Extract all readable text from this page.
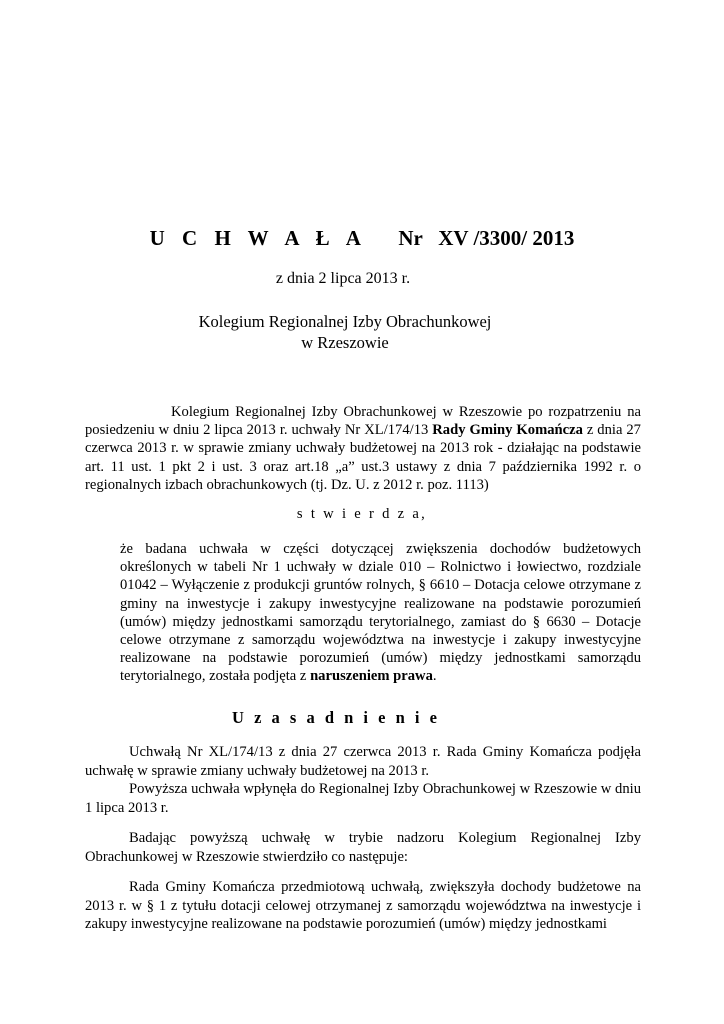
U C H W A Ł A Nr   XV /3300/ 2013
z dnia 2 lipca 2013 r.
Kolegium Regionalnej Izby Obrachunkowej
w Rzeszowie
Kolegium Regionalnej Izby Obrachunkowej w Rzeszowie po rozpatrzeniu na posiedzeniu w dniu 2 lipca 2013 r. uchwały Nr XL/174/13 Rady Gminy Komańcza z dnia 27 czerwca 2013 r. w sprawie zmiany uchwały budżetowej na 2013 rok - działając na podstawie art. 11 ust. 1 pkt 2 i ust. 3 oraz art.18 „a” ust.3 ustawy z dnia 7 października 1992 r. o regionalnych izbach obrachunkowych (tj. Dz. U. z 2012 r. poz. 1113)
s t w i e r d z a,
że badana uchwała w części dotyczącej zwiększenia dochodów budżetowych określonych w tabeli Nr 1 uchwały w dziale 010 – Rolnictwo i łowiectwo, rozdziale 01042 – Wyłączenie z produkcji gruntów rolnych, § 6610 – Dotacja celowe otrzymane z gminy na inwestycje i zakupy inwestycyjne realizowane na podstawie porozumień (umów) między jednostkami samorządu terytorialnego, zamiast do § 6630 – Dotacje celowe otrzymane z samorządu województwa na inwestycje i zakupy inwestycyjne realizowane na podstawie porozumień (umów) między jednostkami samorządu terytorialnego, została podjęta z naruszeniem prawa.
U z a s a d n i e n i e
Uchwałą Nr XL/174/13 z dnia 27 czerwca 2013 r. Rada Gminy Komańcza podjęła uchwałę w sprawie zmiany uchwały budżetowej na 2013 r.
Powyższa uchwała wpłynęła do Regionalnej Izby Obrachunkowej w Rzeszowie w dniu 1 lipca 2013 r.
Badając powyższą uchwałę w trybie nadzoru Kolegium Regionalnej Izby Obrachunkowej w Rzeszowie stwierdziło co następuje:
Rada Gminy Komańcza przedmiotową uchwałą, zwiększyła dochody budżetowe na 2013 r. w § 1 z tytułu dotacji celowej otrzymanej z samorządu województwa na inwestycje i zakupy inwestycyjne realizowane na podstawie porozumień (umów) między jednostkami
